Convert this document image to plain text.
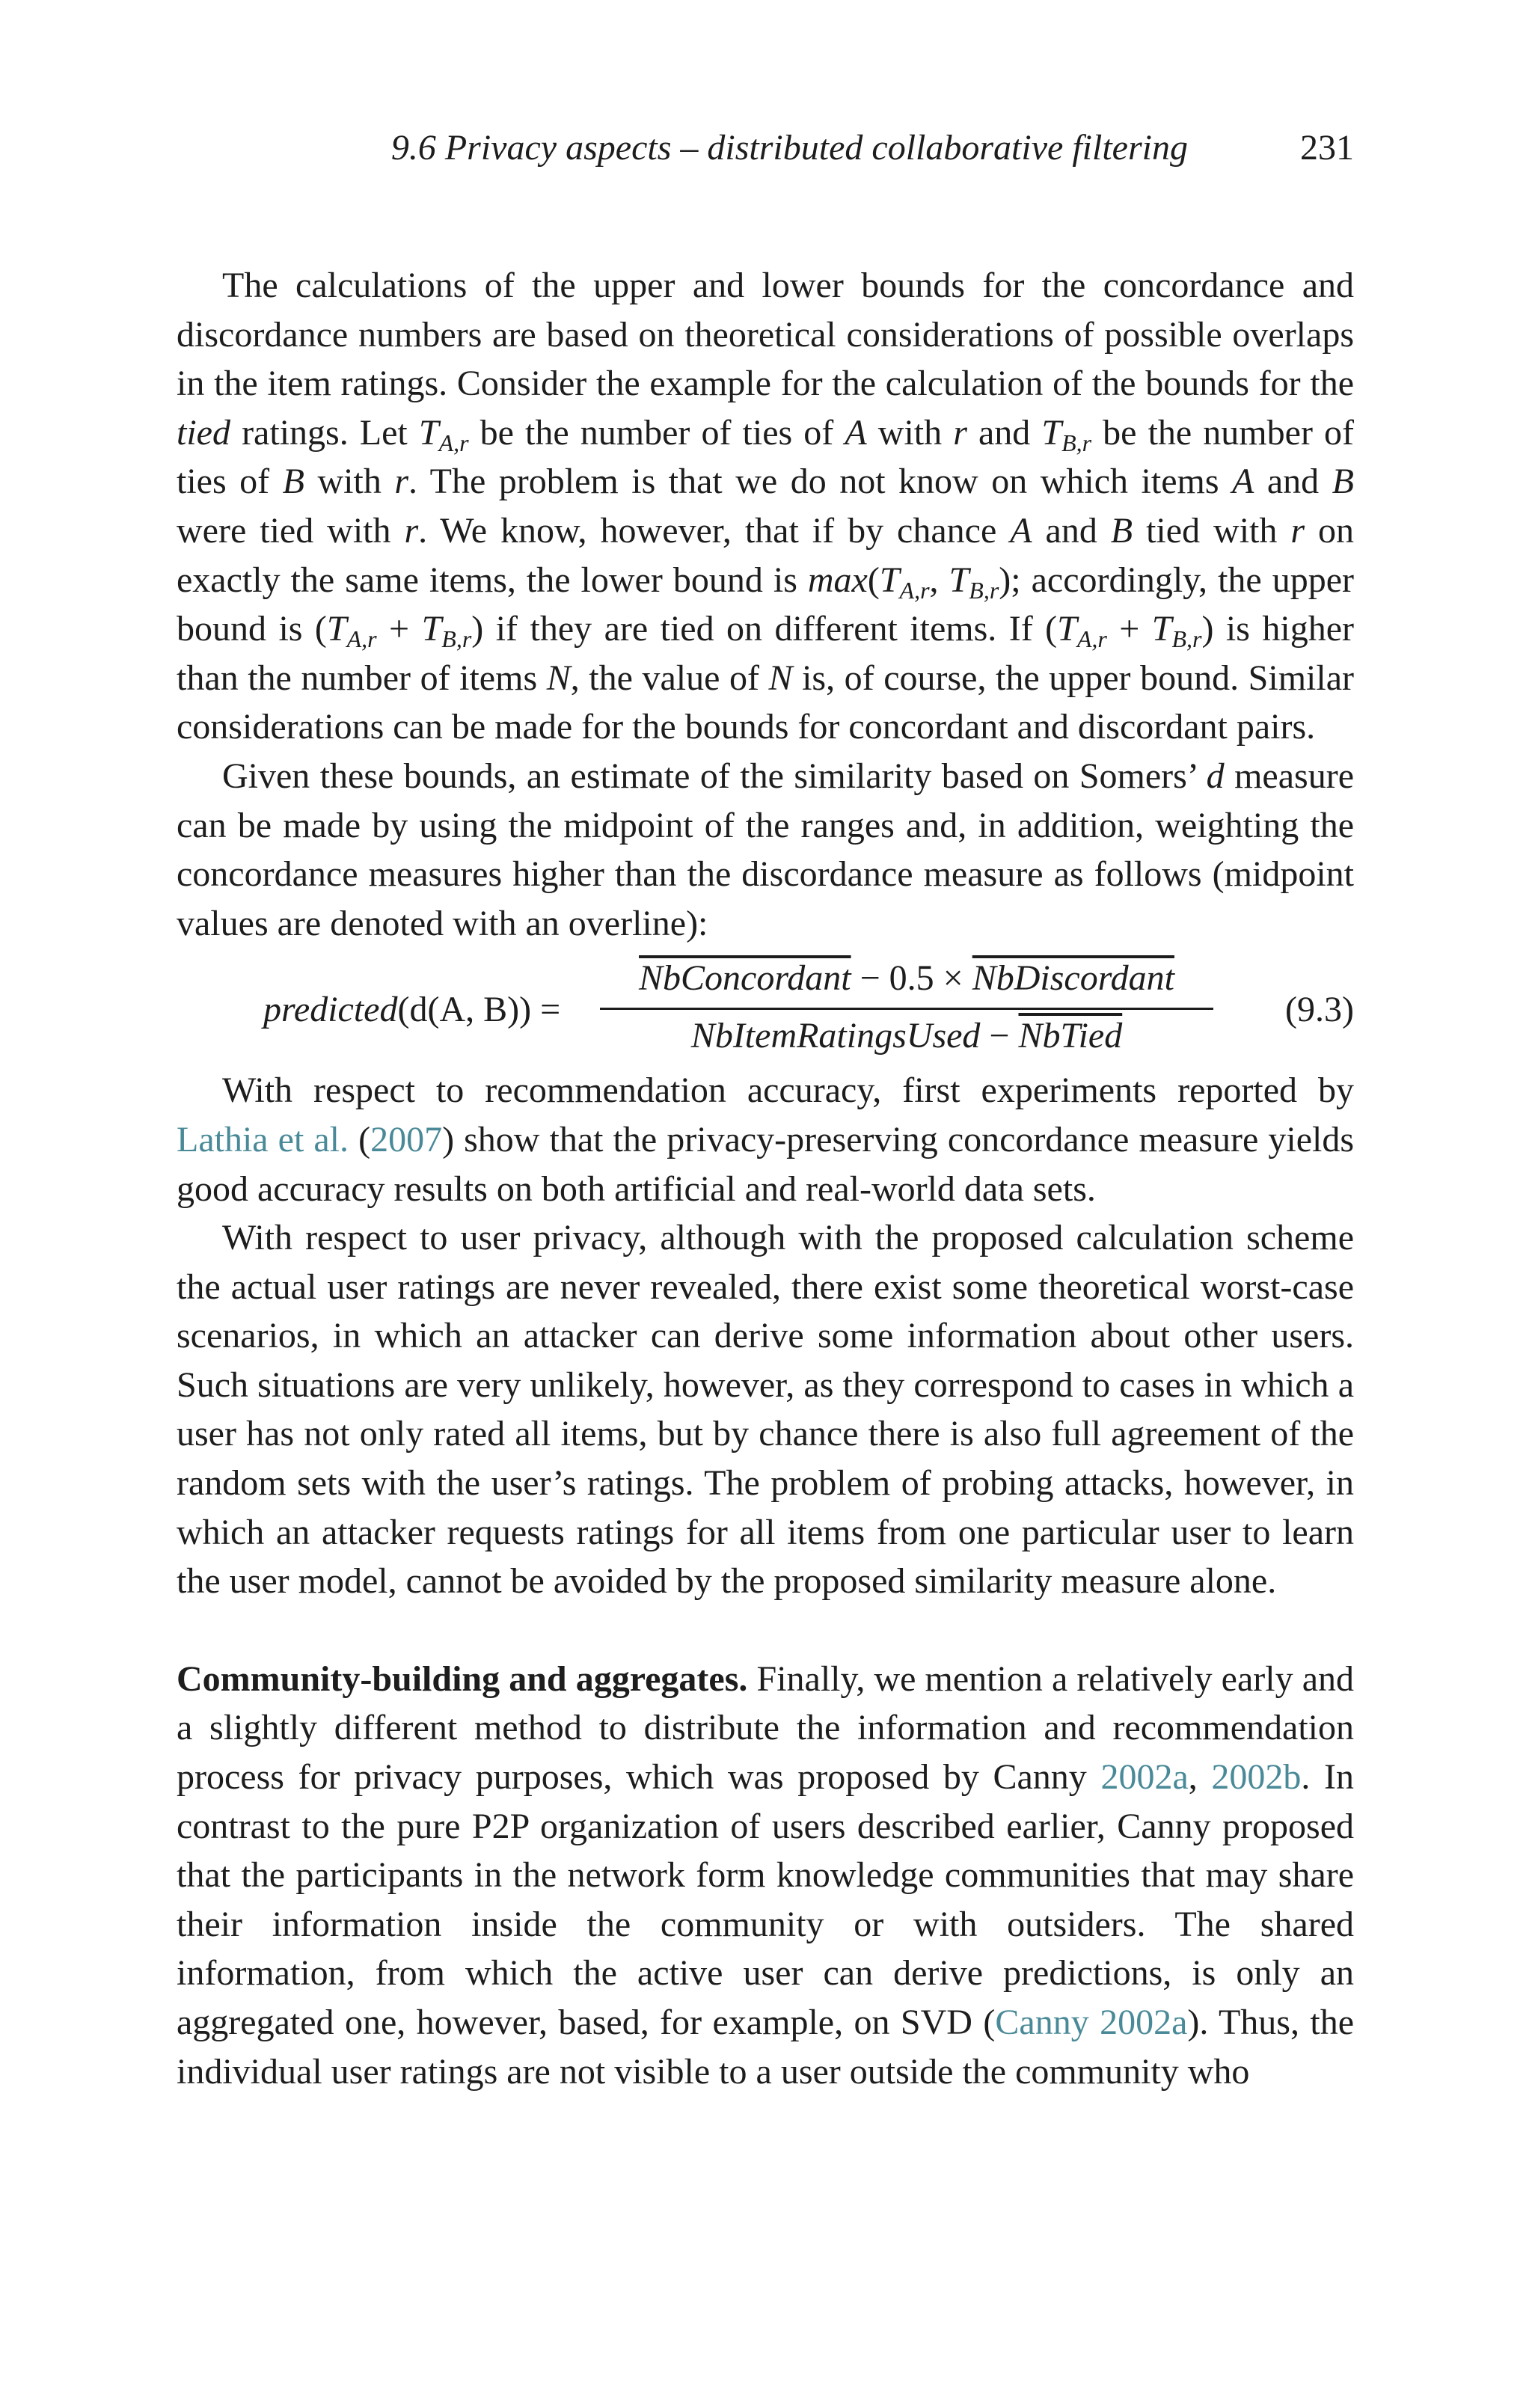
9.6 Privacy aspects – distributed collaborative filtering	231

The calculations of the upper and lower bounds for the concordance and discordance numbers are based on theoretical considerations of possible overlaps in the item ratings. Consider the example for the calculation of the bounds for the tied ratings. Let $T_{A,r}$ be the number of ties of A with r and $T_{B,r}$ be the number of ties of B with r. The problem is that we do not know on which items A and B were tied with r. We know, however, that if by chance A and B tied with r on exactly the same items, the lower bound is $\max(T_{A,r}$, $T_{B,r}$); accordingly, the upper bound is $(T_{A,r} + T_{B,r})$ if they are tied on different items. If $(T_{A,r} + T_{B,r})$ is higher than the number of items N, the value of N is, of course, the upper bound. Similar considerations can be made for the bounds for concordant and discordant pairs.

Given these bounds, an estimate of the similarity based on Somers’ d measure can be made by using the midpoint of the ranges and, in addition, weighting the concordance measures higher than the discordance measure as follows (midpoint values are denoted with an overline):

predicted(d(A, B)) =
NbConcordant − 0.5 × NbDiscordant
NbItemRatingsUsed − NbTied
(9.3)

With respect to recommendation accuracy, first experiments reported by Lathia et al. (2007) show that the privacy-preserving concordance measure yields good accuracy results on both artificial and real-world data sets.

With respect to user privacy, although with the proposed calculation scheme the actual user ratings are never revealed, there exist some theoretical worst-case scenarios, in which an attacker can derive some information about other users. Such situations are very unlikely, however, as they correspond to cases in which a user has not only rated all items, but by chance there is also full agreement of the random sets with the user’s ratings. The problem of probing attacks, however, in which an attacker requests ratings for all items from one particular user to learn the user model, cannot be avoided by the proposed similarity measure alone.

Community-building and aggregates. Finally, we mention a relatively early and a slightly different method to distribute the information and recommendation process for privacy purposes, which was proposed by Canny 2002a, 2002b. In contrast to the pure P2P organization of users described earlier, Canny proposed that the participants in the network form knowledge communities that may share their information inside the community or with outsiders. The shared information, from which the active user can derive predictions, is only an aggregated one, however, based, for example, on SVD (Canny 2002a). Thus, the individual user ratings are not visible to a user outside the community who
